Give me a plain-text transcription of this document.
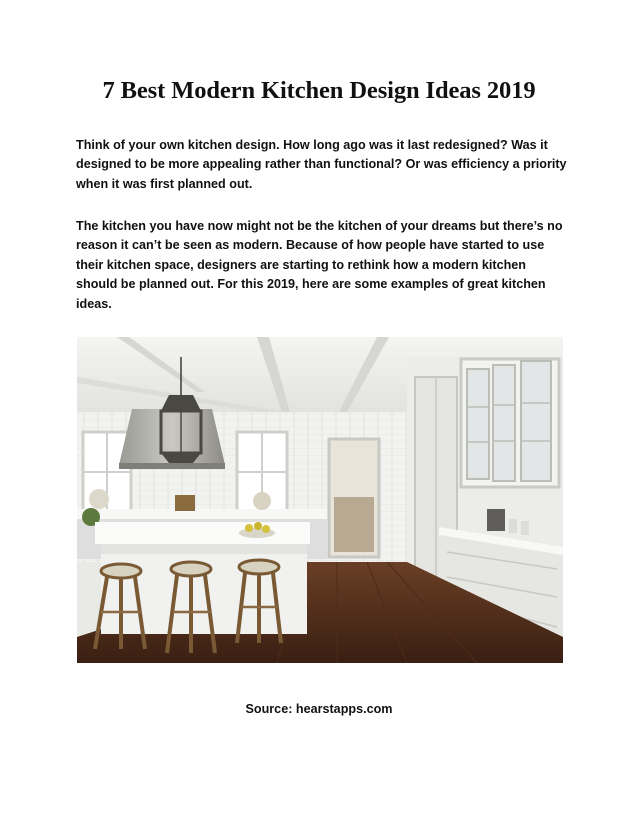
7 Best Modern Kitchen Design Ideas 2019

Think of your own kitchen design. How long ago was it last redesigned? Was it designed to be more appealing rather than functional? Or was efficiency a priority when it was first planned out.

The kitchen you have now might not be the kitchen of your dreams but there’s no reason it can’t be seen as modern. Because of how people have started to use their kitchen space, designers are starting to rethink how a modern kitchen should be planned out. For this 2019, here are some examples of great kitchen ideas.

Source: hearstapps.com
